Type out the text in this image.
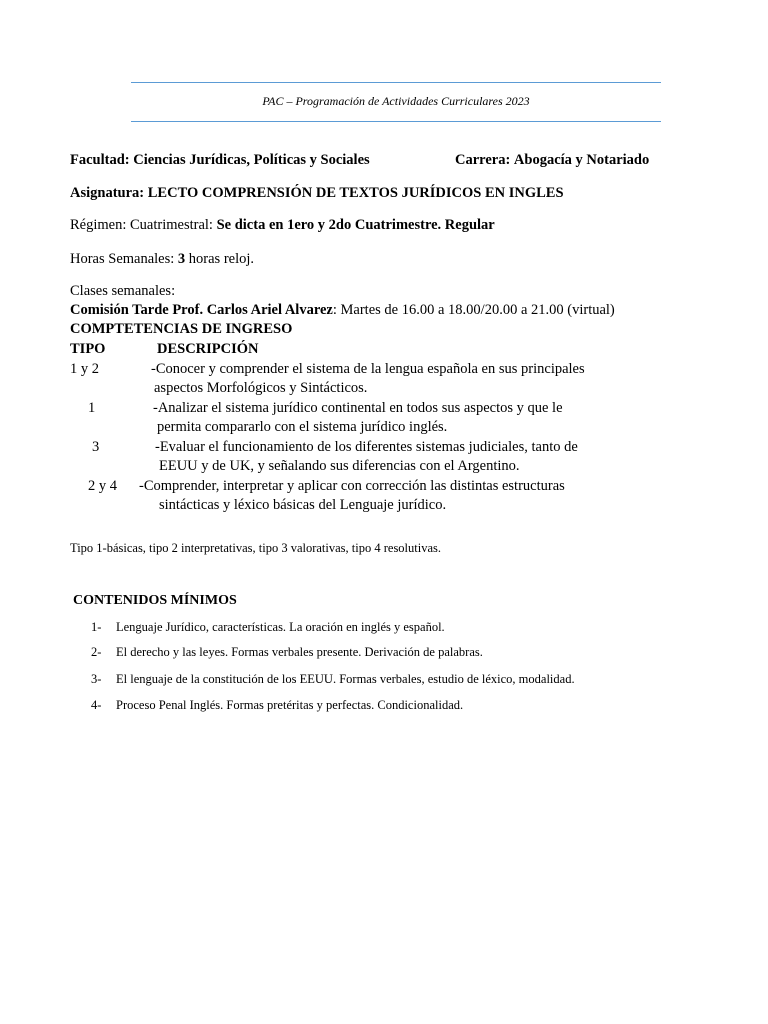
PAC – Programación de Actividades Curriculares 2023
Facultad: Ciencias Jurídicas, Políticas y Sociales	Carrera: Abogacía y Notariado
Asignatura: LECTO COMPRENSIÓN DE TEXTOS JURÍDICOS EN INGLES
Régimen: Cuatrimestral: Se dicta en 1ero y 2do Cuatrimestre. Regular
Horas Semanales: 3 horas reloj.
Clases semanales:
Comisión Tarde Prof. Carlos Ariel Alvarez: Martes de 16.00 a 18.00/20.00 a 21.00 (virtual)
COMPTETENCIAS DE INGRESO
TIPO	DESCRIPCIÓN
1 y 2	-Conocer y comprender el sistema de la lengua española en sus principales
aspectos Morfológicos y Sintácticos.
1	-Analizar el sistema jurídico continental en todos sus aspectos y que le
permita compararlo con el sistema jurídico inglés.
3	-Evaluar el funcionamiento de los diferentes sistemas judiciales, tanto de
EEUU y de UK, y señalando sus diferencias con el Argentino.
2 y 4 -Comprender, interpretar y aplicar con corrección las distintas estructuras
sintácticas y léxico básicas del Lenguaje jurídico.
Tipo 1-básicas, tipo 2 interpretativas, tipo 3 valorativas, tipo 4 resolutivas.
CONTENIDOS MÍNIMOS
1- Lenguaje Jurídico, características. La oración en inglés y español.
2- El derecho y las leyes. Formas verbales presente. Derivación de palabras.
3- El lenguaje de la constitución de los EEUU. Formas verbales, estudio de léxico, modalidad.
4- Proceso Penal Inglés. Formas pretéritas y perfectas. Condicionalidad.
